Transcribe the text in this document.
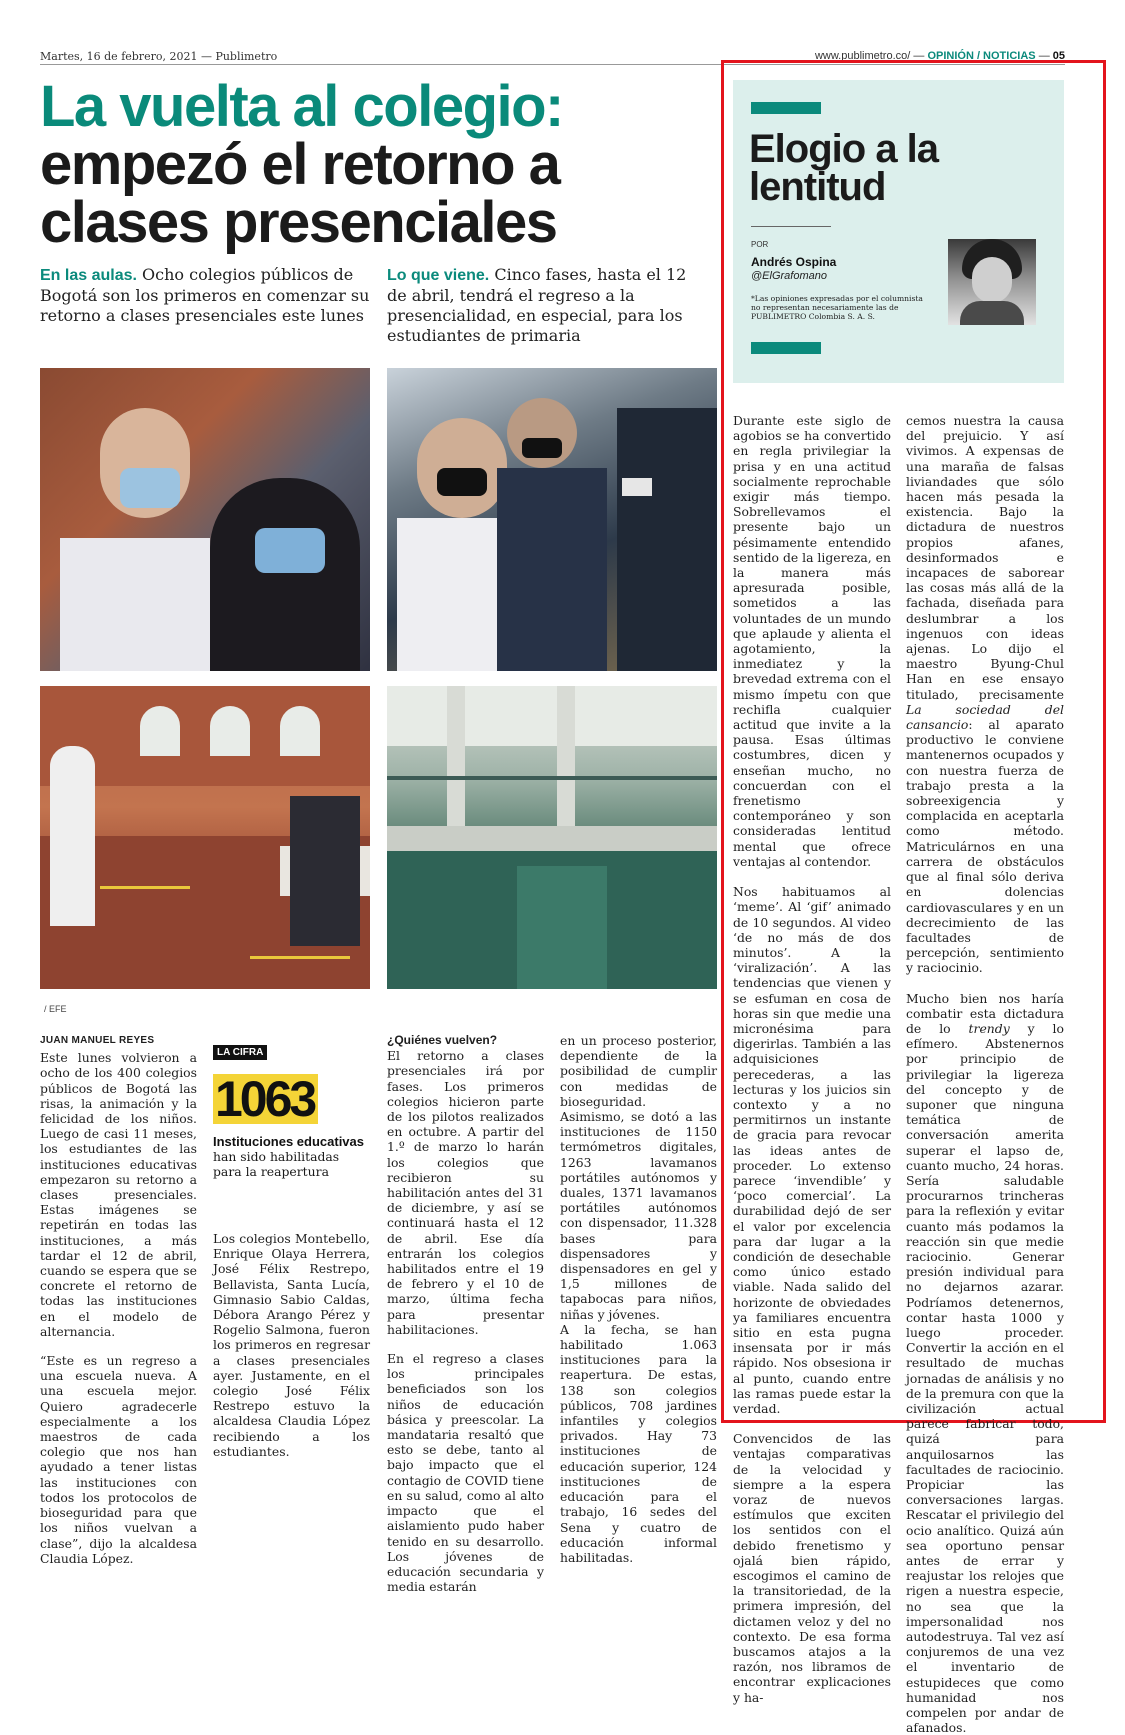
Martes, 16 de febrero, 2021 — Publimetro	www.publimetro.co/ — OPINIÓN / NOTICIAS — 05
La vuelta al colegio:
empezó el retorno a clases presenciales
En las aulas. Ocho colegios públicos de Bogotá son los primeros en comenzar su retorno a clases presenciales este lunes
Lo que viene. Cinco fases, hasta el 12 de abril, tendrá el regreso a la presencialidad, en especial, para los estudiantes de primaria
/ EFE
JUAN MANUEL REYES

Este lunes volvieron a ocho de los 400 colegios públicos de Bogotá las risas, la animación y la felicidad de los niños. Luego de casi 11 meses, los estudiantes de las instituciones educativas empezaron su retorno a clases presenciales. Estas imágenes se repetirán en todas las instituciones, a más tardar el 12 de abril, cuando se espera que se concrete el retorno de todas las instituciones en el modelo de alternancia.

“Este es un regreso a una escuela nueva. A una escuela mejor. Quiero agradecerle especialmente a los maestros de cada colegio que nos han ayudado a tener listas las instituciones con todos los protocolos de bioseguridad para que los niños vuelvan a clase”, dijo la alcaldesa Claudia López.

LA CIFRA
1063
Instituciones educativas
han sido habilitadas para la reapertura

Los colegios Montebello, Enrique Olaya Herrera, José Félix Restrepo, Bellavista, Santa Lucía, Gimnasio Sabio Caldas, Débora Arango Pérez y Rogelio Salmona, fueron los primeros en regresar a clases presenciales ayer. Justamente, en el colegio José Félix Restrepo estuvo la alcaldesa Claudia López recibiendo a los estudiantes.

¿Quiénes vuelven?

El retorno a clases presenciales irá por fases. Los primeros colegios hicieron parte de los pilotos realizados en octubre. A partir del 1.º de marzo lo harán los colegios que recibieron su habilitación antes del 31 de diciembre, y así se continuará hasta el 12 de abril. Ese día entrarán los colegios habilitados entre el 19 de febrero y el 10 de marzo, última fecha para presentar habilitaciones.

En el regreso a clases los principales beneficiados son los niños de educación básica y preescolar. La mandataria resaltó que esto se debe, tanto al bajo impacto que el contagio de COVID tiene en su salud, como al alto impacto que el aislamiento pudo haber tenido en su desarrollo. Los jóvenes de educación secundaria y media estarán

en un proceso posterior, dependiente de la posibilidad de cumplir con medidas de bioseguridad.

Asimismo, se dotó a las instituciones de 1150 termómetros digitales, 1263 lavamanos portátiles autónomos y duales, 1371 lavamanos portátiles autónomos con dispensador, 11.328 bases para dispensadores y dispensadores en gel y 1,5 millones de tapabocas para niños, niñas y jóvenes.

A la fecha, se han habilitado 1.063 instituciones para la reapertura. De estas, 138 son colegios públicos, 708 jardines infantiles y colegios privados. Hay 73 instituciones de educación superior, 124 instituciones de educación para el trabajo, 16 sedes del Sena y cuatro de educación informal habilitadas.

Elogio a la
lentitud
POR
Andrés Ospina
@ElGrafomano
*Las opiniones expresadas por el columnista no representan necesariamente las de PUBLIMETRO Colombia S. A. S.

Durante este siglo de agobios se ha convertido en regla privilegiar la prisa y en una actitud socialmente reprochable exigir más tiempo. Sobrellevamos el presente bajo un pésimamente entendido sentido de la ligereza, en la manera más apresurada posible, sometidos a las voluntades de un mundo que aplaude y alienta el agotamiento, la inmediatez y la brevedad extrema con el mismo ímpetu con que rechifla cualquier actitud que invite a la pausa. Esas últimas costumbres, dicen y enseñan mucho, no concuerdan con el frenetismo contemporáneo y son consideradas lentitud mental que ofrece ventajas al contendor.

Nos habituamos al ‘meme’. Al ‘gif’ animado de 10 segundos. Al video ‘de no más de dos minutos’. A la ‘viralización’. A las tendencias que vienen y se esfuman en cosa de horas sin que medie una micronésima para digerirlas. También a las adquisiciones perecederas, a las lecturas y los juicios sin contexto y a no permitirnos un instante de gracia para revocar las ideas antes de proceder. Lo extenso parece ‘invendible’ y ‘poco comercial’. La durabilidad dejó de ser el valor por excelencia para dar lugar a la condición de desechable como único estado viable. Nada salido del horizonte de obviedades ya familiares encuentra sitio en esta pugna insensata por ir más rápido. Nos obsesiona ir al punto, cuando entre las ramas puede estar la verdad.

Convencidos de las ventajas comparativas de la velocidad y siempre a la espera voraz de nuevos estímulos que exciten los sentidos con el debido frenetismo y ojalá bien rápido, escogimos el camino de la transitoriedad, de la primera impresión, del dictamen veloz y del no contexto. De esa forma buscamos atajos a la razón, nos libramos de encontrar explicaciones y ha-

cemos nuestra la causa del prejuicio. Y así vivimos. A expensas de una maraña de falsas liviandades que sólo hacen más pesada la existencia. Bajo la dictadura de nuestros propios afanes, desinformados e incapaces de saborear las cosas más allá de la fachada, diseñada para deslumbrar a los ingenuos con ideas ajenas. Lo dijo el maestro Byung-Chul Han en ese ensayo titulado, precisamente La sociedad del cansancio: al aparato productivo le conviene mantenernos ocupados y con nuestra fuerza de trabajo presta a la sobreexigencia y complacida en aceptarla como método. Matriculárnos en una carrera de obstáculos que al final sólo deriva en dolencias cardiovasculares y en un decrecimiento de las facultades de percepción, sentimiento y raciocinio.

Mucho bien nos haría combatir esta dictadura de lo trendy y lo efímero. Abstenernos por principio de privilegiar la ligereza del concepto y de suponer que ninguna temática de conversación amerita superar el lapso de, cuanto mucho, 24 horas. Sería saludable procurarnos trincheras para la reflexión y evitar cuanto más podamos la reacción sin que medie raciocinio. Generar presión individual para no dejarnos azarar. Podríamos detenernos, contar hasta 1000 y luego proceder. Convertir la acción en el resultado de muchas jornadas de análisis y no de la premura con que la civilización actual parece fabricar todo, quizá para anquilosarnos las facultades de raciocinio. Propiciar las conversaciones largas. Rescatar el privilegio del ocio analítico. Quizá aún sea oportuno pensar antes de errar y reajustar los relojes que rigen a nuestra especie, no sea que la impersonalidad nos autodestruya. Tal vez así conjuremos de una vez el inventario de estupideces que como humanidad nos compelen por andar de afanados.
